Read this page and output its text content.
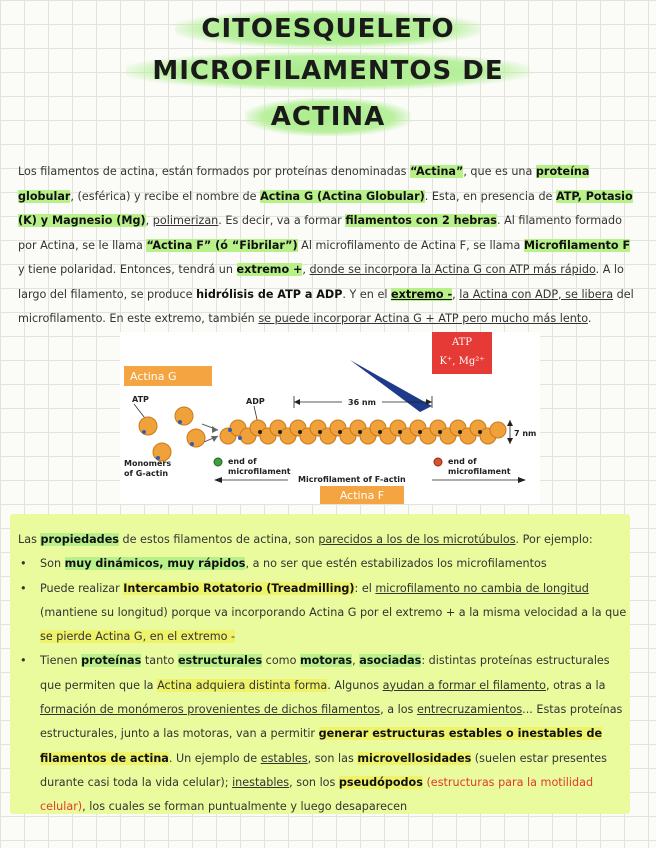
CITOESQUELETO
MICROFILAMENTOS DE
ACTINA
Los filamentos de actina, están formados por proteínas denominadas “Actina”, que es una proteína globular, (esférica) y recibe el nombre de Actina G (Actina Globular). Esta, en presencia de ATP, Potasio (K) y Magnesio (Mg), polimerizan. Es decir, va a formar filamentos con 2 hebras. Al filamento formado por Actina, se le llama “Actina F” (ó “Fibrilar”) Al microfilamento de Actina F, se llama Microfilamento F y tiene polaridad. Entonces, tendrá un extremo +, donde se incorpora la Actina G con ATP más rápido. A lo largo del filamento, se produce hidrólisis de ATP a ADP. Y en el extremo -, la Actina con ADP, se libera del microfilamento. En este extremo, también se puede incorporar Actina G + ATP pero mucho más lento.
ATP
K⁺, Mg²⁺
Actina G
ATP	ADP	36 nm
7 nm
Monomers
of G-actin
end of
microfilament
Microfilament of F-actin
end of
microfilament
Actina F
Las propiedades de estos filamentos de actina, son parecidos a los de los microtúbulos. Por ejemplo:
• Son muy dinámicos, muy rápidos, a no ser que estén estabilizados los microfilamentos
• Puede realizar Intercambio Rotatorio (Treadmilling): el microfilamento no cambia de longitud (mantiene su longitud) porque va incorporando Actina G por el extremo + a la misma velocidad a la que se pierde Actina G, en el extremo -
• Tienen proteínas tanto estructurales como motoras, asociadas: distintas proteínas estructurales que permiten que la Actina adquiera distinta forma. Algunos ayudan a formar el filamento, otras a la formación de monómeros provenientes de dichos filamentos, a los entrecruzamientos... Estas proteínas estructurales, junto a las motoras, van a permitir generar estructuras estables o inestables de filamentos de actina. Un ejemplo de estables, son las microvellosidades (suelen estar presentes durante casi toda la vida celular); inestables, son los pseudópodos (estructuras para la motilidad celular), los cuales se forman puntualmente y luego desaparecen
